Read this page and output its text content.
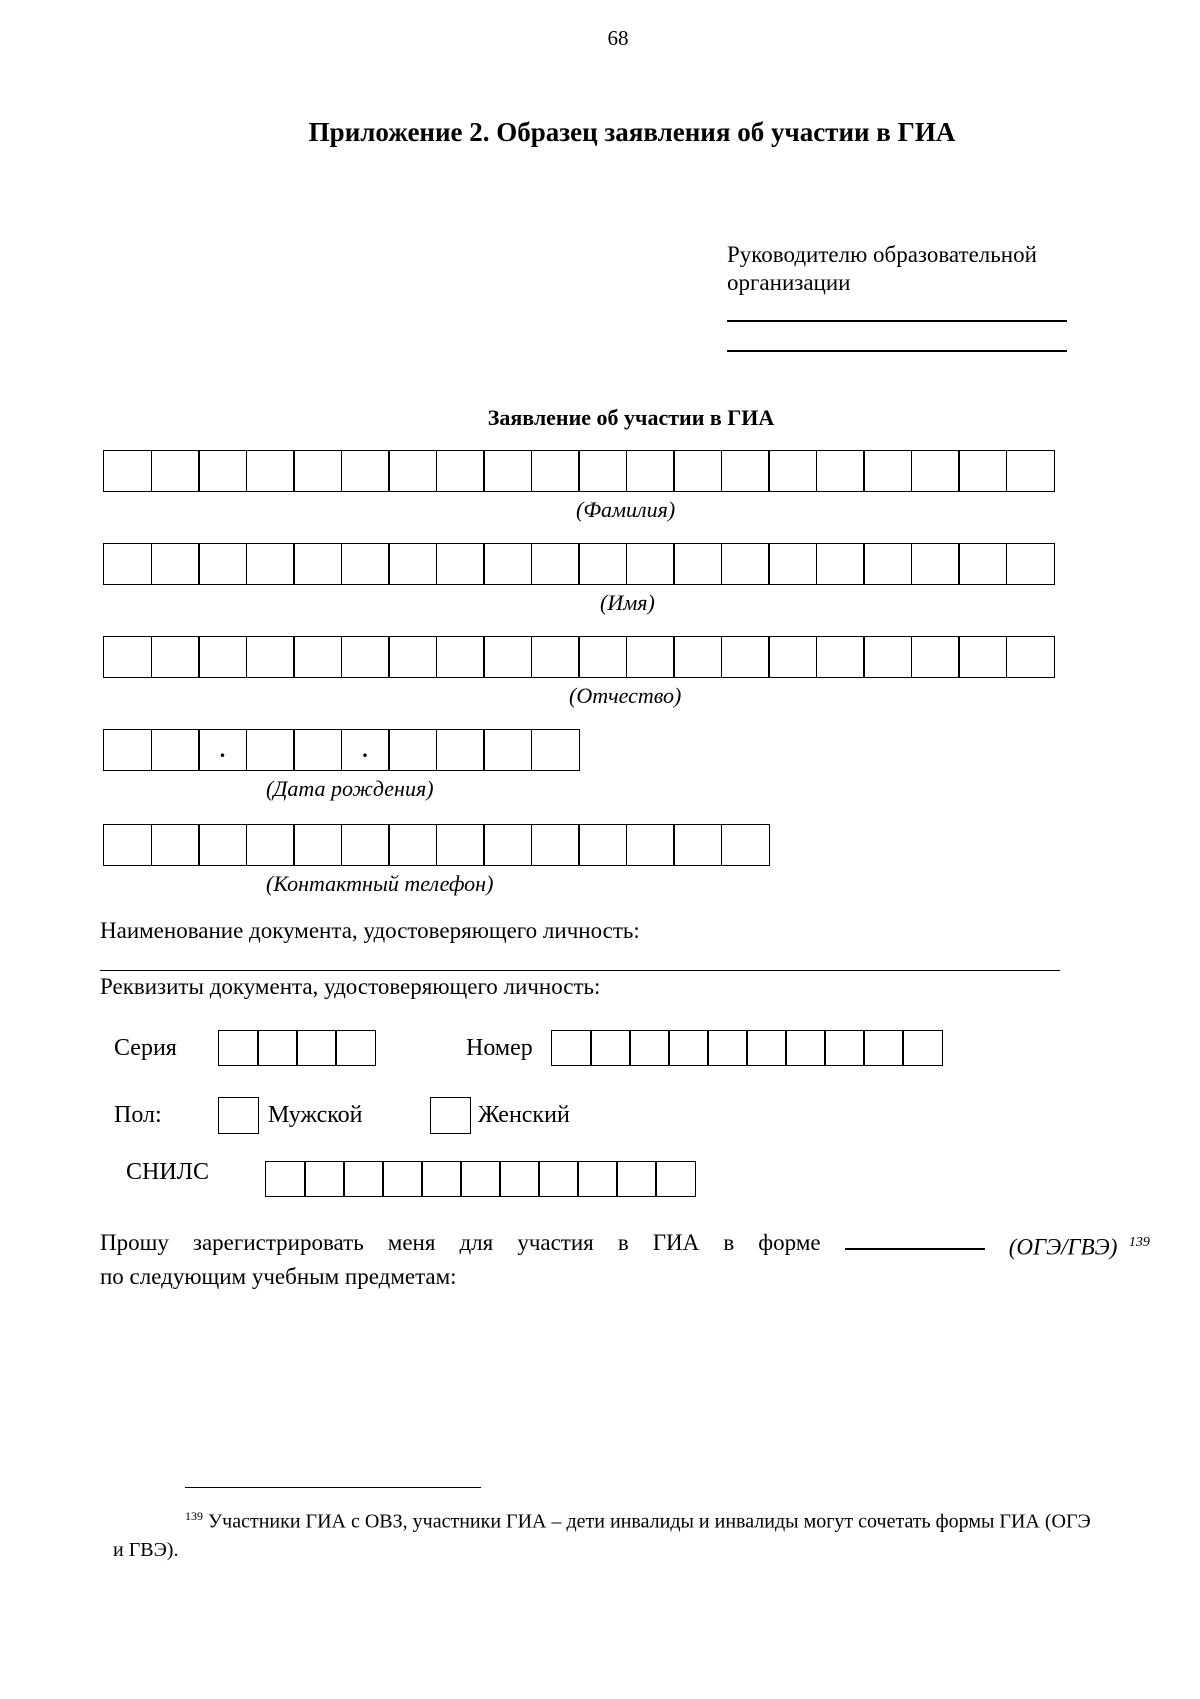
68
Приложение 2. Образец заявления об участии в ГИА
Руководителю образовательной
организации
Заявление об участии в ГИА
(Фамилия)
(Имя)
(Отчество)
.	.
(Дата рождения)
(Контактный телефон)
Наименование документа, удостоверяющего личность:
Реквизиты документа, удостоверяющего личность:
Серия	Номер
Пол:	Мужской	Женский
СНИЛС
Прошу зарегистрировать меня для участия в ГИА в форме	(ОГЭ/ГВЭ) $^{139}$
по следующим учебным предметам:
$^{139}$ Участники ГИА с ОВЗ, участники ГИА – дети инвалиды и инвалиды могут сочетать формы ГИА (ОГЭ и ГВЭ).
